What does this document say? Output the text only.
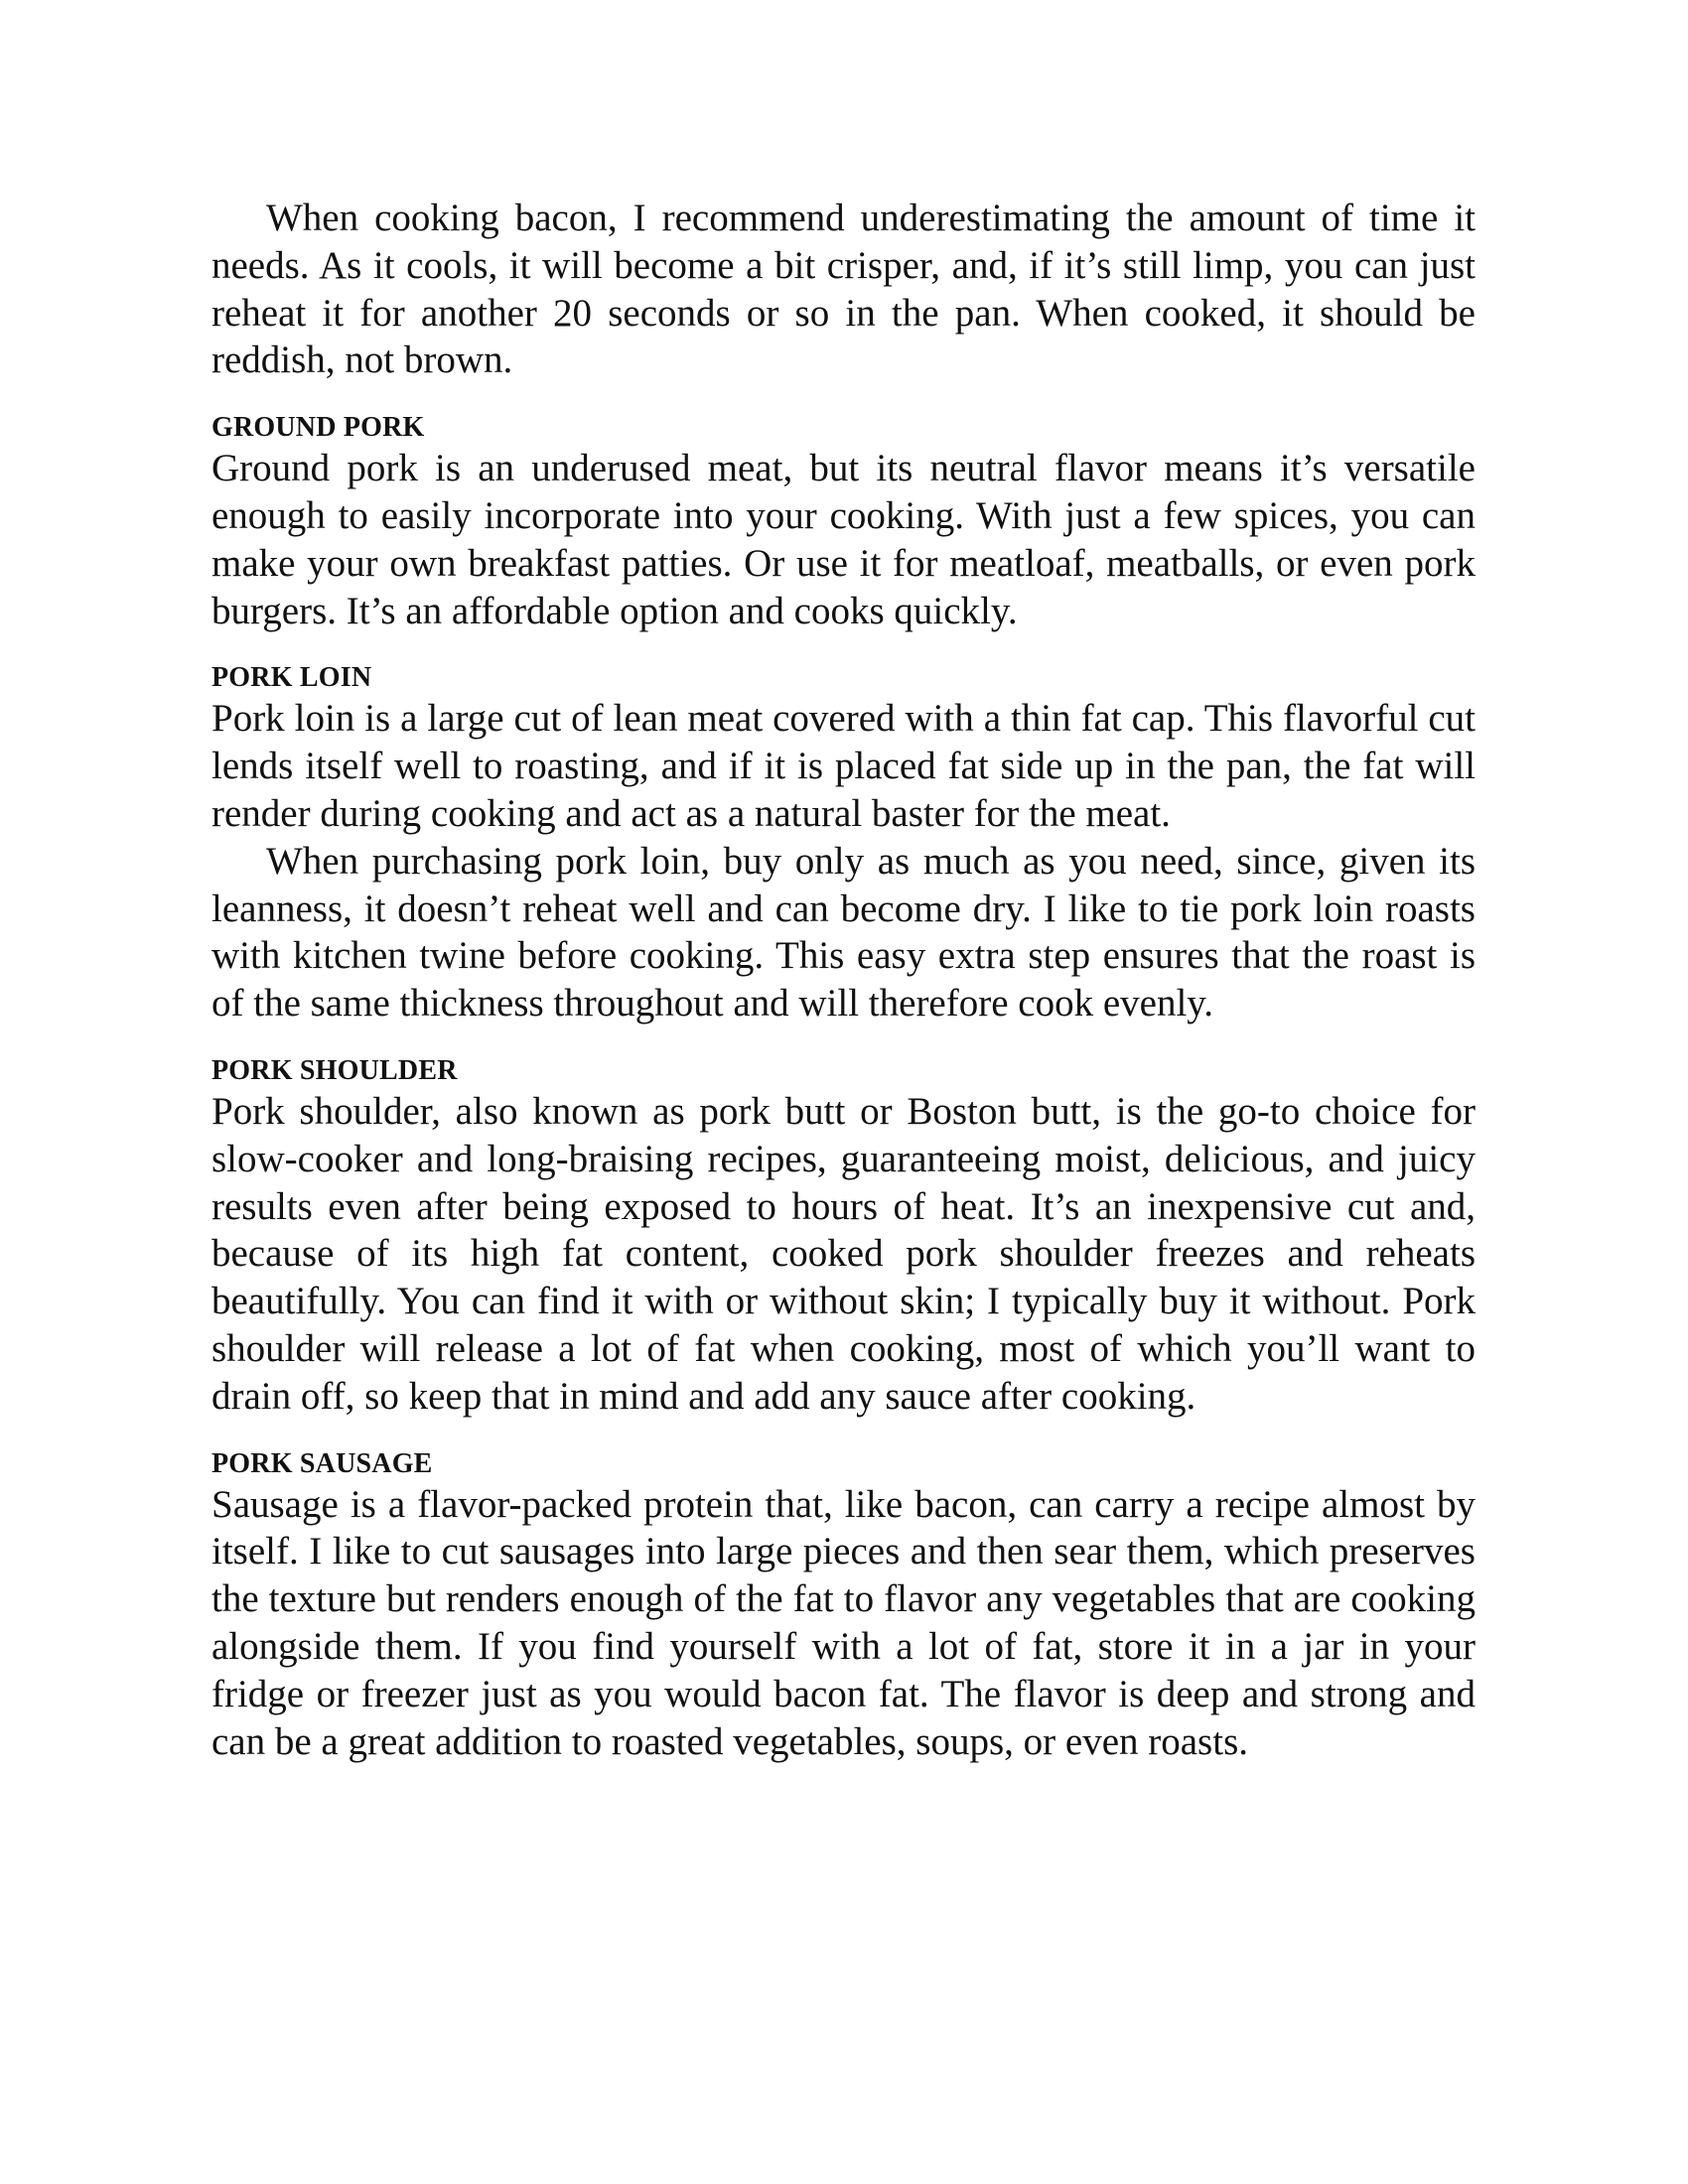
When cooking bacon, I recommend underestimating the amount of time it needs. As it cools, it will become a bit crisper, and, if it’s still limp, you can just reheat it for another 20 seconds or so in the pan. When cooked, it should be reddish, not brown.

GROUND PORK

Ground pork is an underused meat, but its neutral flavor means it’s versatile enough to easily incorporate into your cooking. With just a few spices, you can make your own breakfast patties. Or use it for meatloaf, meatballs, or even pork burgers. It’s an affordable option and cooks quickly.

PORK LOIN

Pork loin is a large cut of lean meat covered with a thin fat cap. This flavorful cut lends itself well to roasting, and if it is placed fat side up in the pan, the fat will render during cooking and act as a natural baster for the meat.

When purchasing pork loin, buy only as much as you need, since, given its leanness, it doesn’t reheat well and can become dry. I like to tie pork loin roasts with kitchen twine before cooking. This easy extra step ensures that the roast is of the same thickness throughout and will therefore cook evenly.

PORK SHOULDER

Pork shoulder, also known as pork butt or Boston butt, is the go-to choice for slow-cooker and long-braising recipes, guaranteeing moist, delicious, and juicy results even after being exposed to hours of heat. It’s an inexpensive cut and, because of its high fat content, cooked pork shoulder freezes and reheats beautifully. You can find it with or without skin; I typically buy it without. Pork shoulder will release a lot of fat when cooking, most of which you’ll want to drain off, so keep that in mind and add any sauce after cooking.

PORK SAUSAGE

Sausage is a flavor-packed protein that, like bacon, can carry a recipe almost by itself. I like to cut sausages into large pieces and then sear them, which preserves the texture but renders enough of the fat to flavor any vegetables that are cooking alongside them. If you find yourself with a lot of fat, store it in a jar in your fridge or freezer just as you would bacon fat. The flavor is deep and strong and can be a great addition to roasted vegetables, soups, or even roasts.
